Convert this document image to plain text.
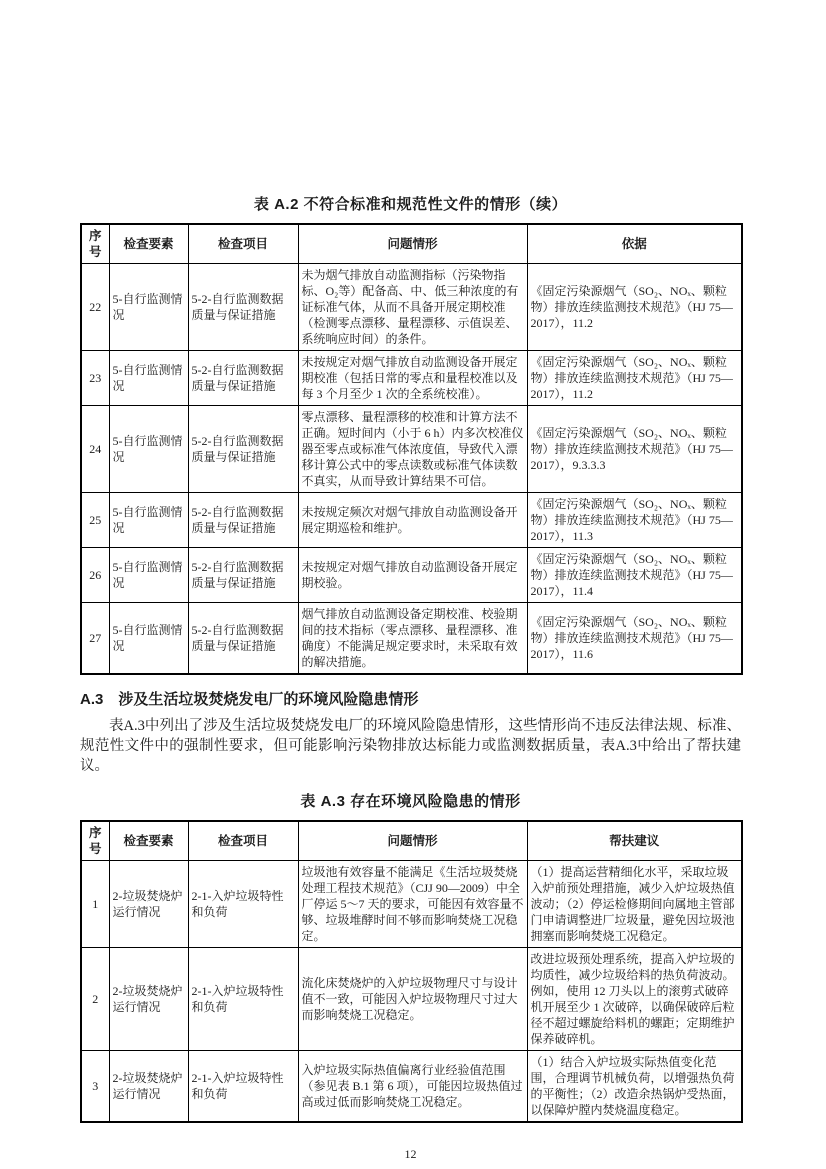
表 A.2 不符合标准和规范性文件的情形（续）
序号	检查要素	检查项目	问题情形	依据
22	5-自行监测情况	5-2-自行监测数据质量与保证措施	未为烟气排放自动监测指标（污染物指标、O₂等）配备高、中、低三种浓度的有证标准气体，从而不具备开展定期校准（检测零点漂移、量程漂移、示值误差、系统响应时间）的条件。	《固定污染源烟气（SO₂、NOₓ、颗粒物）排放连续监测技术规范》（HJ 75—2017），11.2
23	5-自行监测情况	5-2-自行监测数据质量与保证措施	未按规定对烟气排放自动监测设备开展定期校准（包括日常的零点和量程校准以及每 3 个月至少 1 次的全系统校准）。	《固定污染源烟气（SO₂、NOₓ、颗粒物）排放连续监测技术规范》（HJ 75—2017），11.2
24	5-自行监测情况	5-2-自行监测数据质量与保证措施	零点漂移、量程漂移的校准和计算方法不正确。短时间内（小于 6 h）内多次校准仪器至零点或标准气体浓度值，导致代入漂移计算公式中的零点读数或标准气体读数不真实，从而导致计算结果不可信。	《固定污染源烟气（SO₂、NOₓ、颗粒物）排放连续监测技术规范》（HJ 75—2017），9.3.3.3
25	5-自行监测情况	5-2-自行监测数据质量与保证措施	未按规定频次对烟气排放自动监测设备开展定期巡检和维护。	《固定污染源烟气（SO₂、NOₓ、颗粒物）排放连续监测技术规范》（HJ 75—2017），11.3
26	5-自行监测情况	5-2-自行监测数据质量与保证措施	未按规定对烟气排放自动监测设备开展定期校验。	《固定污染源烟气（SO₂、NOₓ、颗粒物）排放连续监测技术规范》（HJ 75—2017），11.4
27	5-自行监测情况	5-2-自行监测数据质量与保证措施	烟气排放自动监测设备定期校准、校验期间的技术指标（零点漂移、量程漂移、准确度）不能满足规定要求时，未采取有效的解决措施。	《固定污染源烟气（SO₂、NOₓ、颗粒物）排放连续监测技术规范》（HJ 75—2017），11.6
A.3　涉及生活垃圾焚烧发电厂的环境风险隐患情形

表A.3中列出了涉及生活垃圾焚烧发电厂的环境风险隐患情形，这些情形尚不违反法律法规、标准、规范性文件中的强制性要求，但可能影响污染物排放达标能力或监测数据质量，表A.3中给出了帮扶建议。

表 A.3 存在环境风险隐患的情形
序号	检查要素	检查项目	问题情形	帮扶建议
1	2-垃圾焚烧炉运行情况	2-1-入炉垃圾特性和负荷	垃圾池有效容量不能满足《生活垃圾焚烧处理工程技术规范》（CJJ 90—2009）中全厂停运 5～7 天的要求，可能因有效容量不够、垃圾堆酵时间不够而影响焚烧工况稳定。	（1）提高运营精细化水平，采取垃圾入炉前预处理措施，减少入炉垃圾热值波动；（2）停运检修期间向属地主管部门申请调整进厂垃圾量，避免因垃圾池拥塞而影响焚烧工况稳定。
2	2-垃圾焚烧炉运行情况	2-1-入炉垃圾特性和负荷	流化床焚烧炉的入炉垃圾物理尺寸与设计值不一致，可能因入炉垃圾物理尺寸过大而影响焚烧工况稳定。	改进垃圾预处理系统，提高入炉垃圾的均质性，减少垃圾给料的热负荷波动。例如，使用 12 刀头以上的滚剪式破碎机开展至少 1 次破碎，以确保破碎后粒径不超过螺旋给料机的螺距；定期维护保养破碎机。
3	2-垃圾焚烧炉运行情况	2-1-入炉垃圾特性和负荷	入炉垃圾实际热值偏离行业经验值范围（参见表 B.1 第 6 项），可能因垃圾热值过高或过低而影响焚烧工况稳定。	（1）结合入炉垃圾实际热值变化范围，合理调节机械负荷，以增强热负荷的平衡性；（2）改造余热锅炉受热面，以保障炉膛内焚烧温度稳定。
12
